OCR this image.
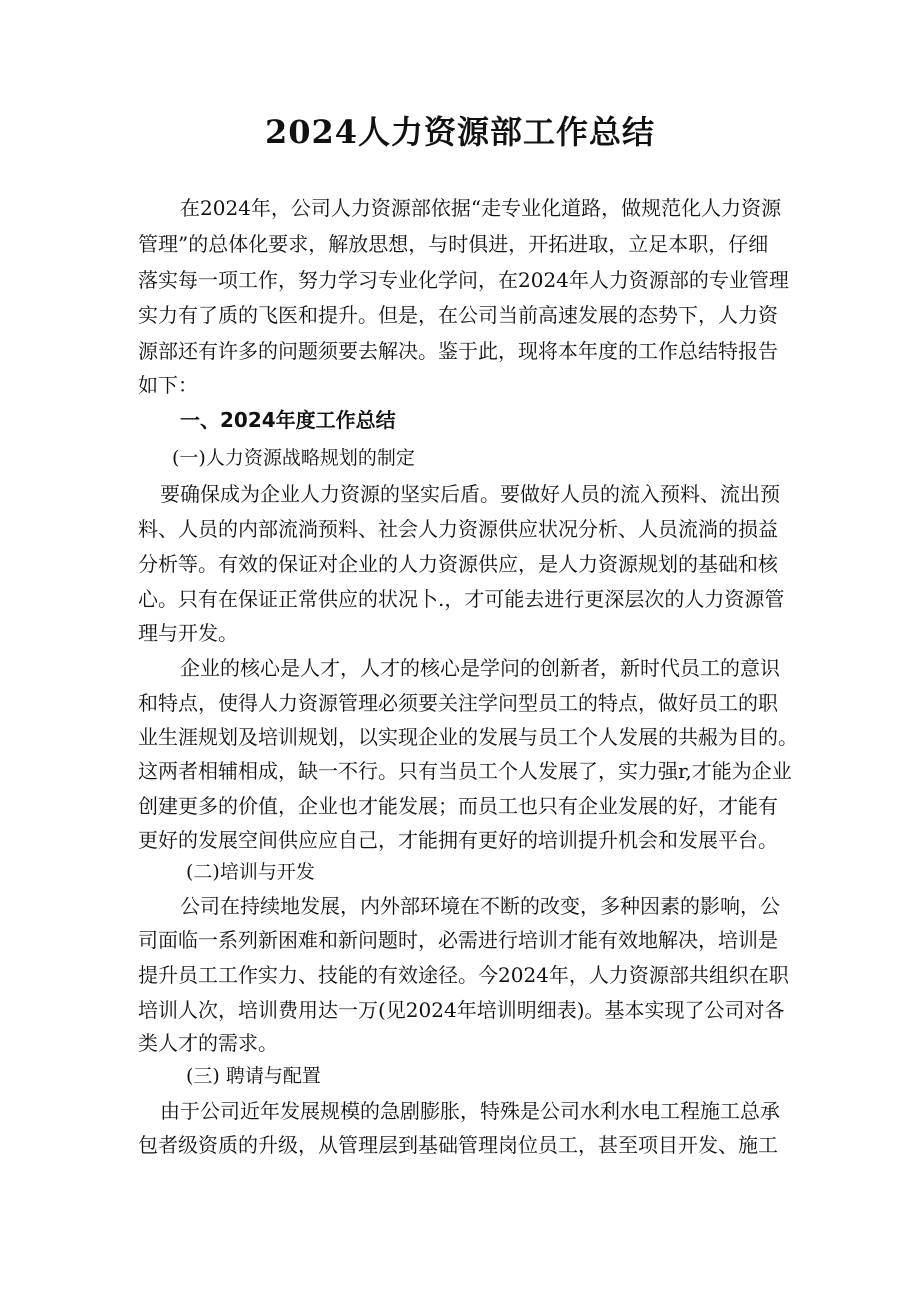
2024人力资源部工作总结

在2024年，公司人力资源部依据“走专业化道路，做规范化人力资源

管理”的总体化要求，解放思想，与时俱进，开拓进取，立足本职，仔细

落实每一项工作，努力学习专业化学问，在2024年人力资源部的专业管理

实力有了质的飞医和提升。但是，在公司当前高速发展的态势下，人力资

源部还有许多的问题须要去解决。鉴于此，现将本年度的工作总结特报告

如下：

一、2024年度工作总结

(一)人力资源战略规划的制定

要确保成为企业人力资源的坚实后盾。要做好人员的流入预料、流出预

料、人员的内部流淌预料、社会人力资源供应状况分析、人员流淌的损益

分析等。有效的保证对企业的人力资源供应，是人力资源规划的基础和核

心。只有在保证正常供应的状况卜.，才可能去进行更深层次的人力资源管

理与开发。

企业的核心是人才，人才的核心是学问的创新者，新时代员工的意识

和特点，使得人力资源管理必须要关注学问型员工的特点，做好员工的职

业生涯规划及培训规划，以实现企业的发展与员工个人发展的共赧为目的。

这两者相辅相成，缺一不行。只有当员工个人发展了，实力强r,才能为企业

创建更多的价值，企业也才能发展；而员工也只有企业发展的好，才能有

更好的发展空间供应应自己，才能拥有更好的培训提升机会和发展平台。

(二)培训与开发

公司在持续地发展，内外部环境在不断的改变，多种因素的影响，公

司面临一系列新困难和新问题时，必需进行培训才能有效地解决，培训是

提升员工工作实力、技能的有效途径。今2024年，人力资源部共组织在职

培训人次，培训费用达一万(见2024年培训明细表)。基本实现了公司对各

类人才的需求。

(三) 聘请与配置

由于公司近年发展规模的急剧膨胀，特殊是公司水利水电工程施工总承

包者级资质的升级，从管理层到基础管理岗位员工，甚至项目开发、施工
